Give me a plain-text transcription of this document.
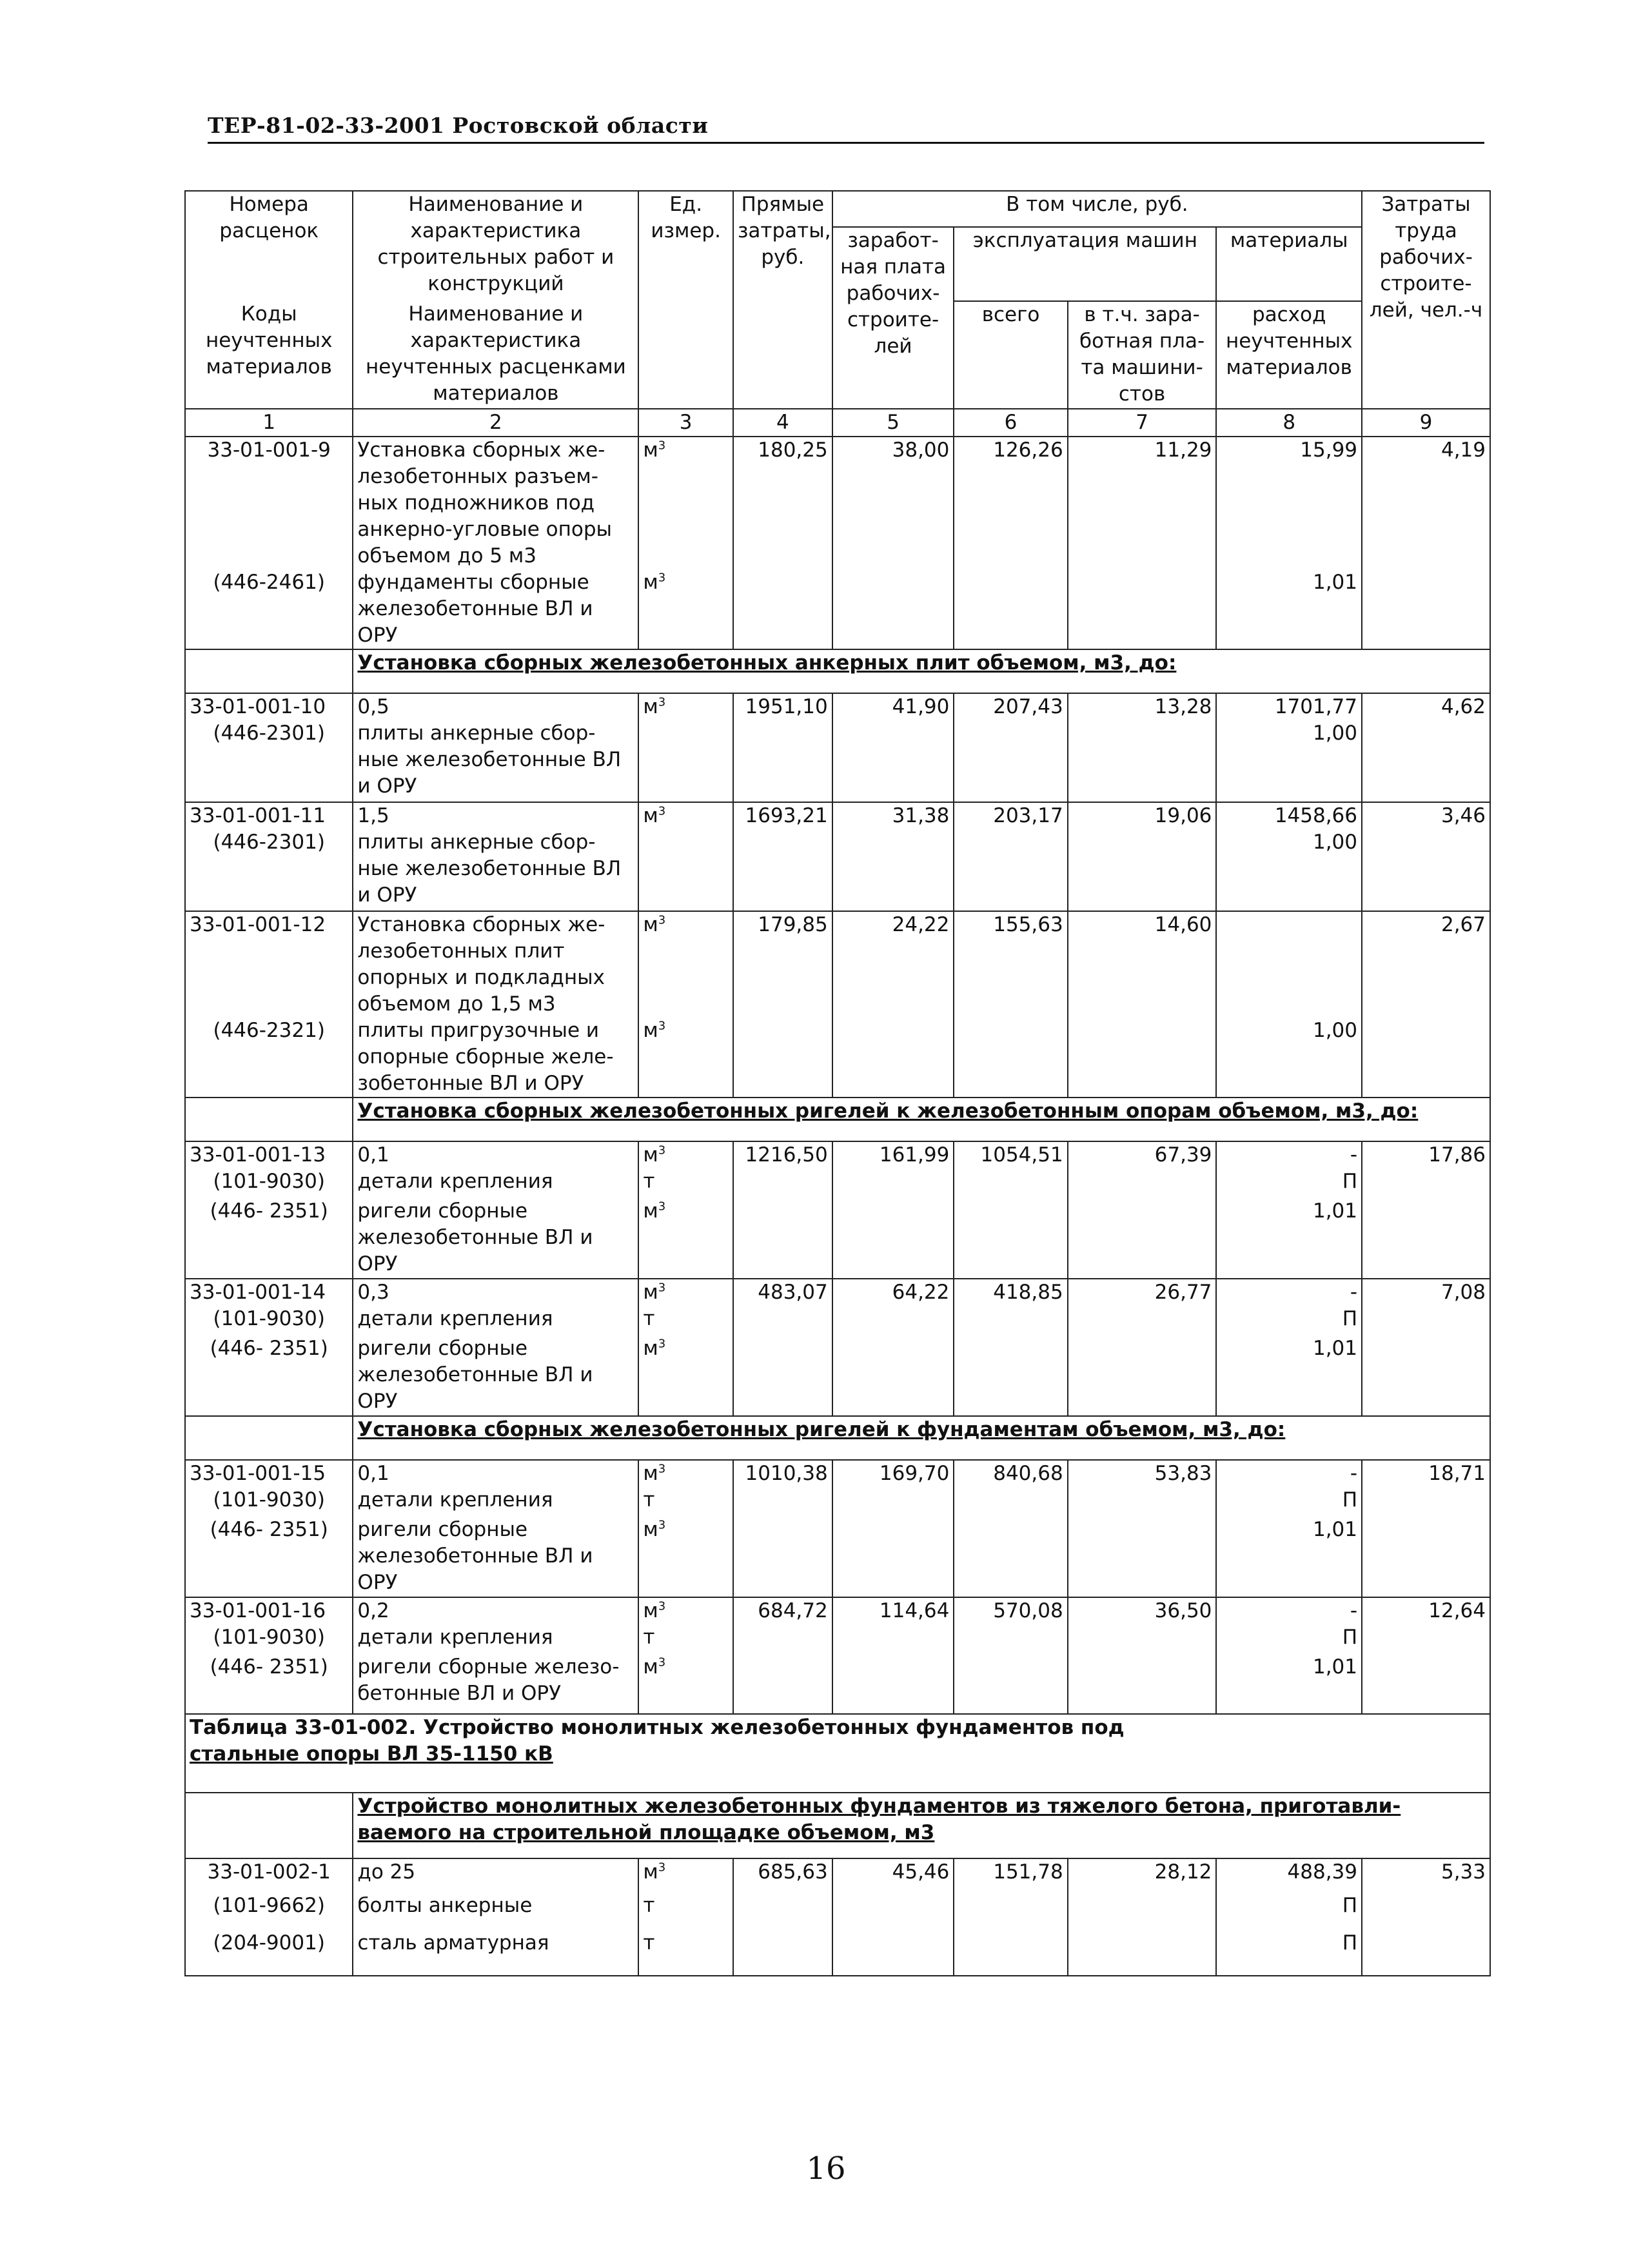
ТЕР-81-02-33-2001 Ростовской области
Номера расценок	Наименование и характеристика строительных работ и конструкций	Ед. измер.	Прямые затраты, руб.	В том числе, руб.				Затраты труда рабочих-строите-лей, чел.-ч
				заработ-ная плата рабочих-строите-лей	эксплуатация машин		материалы	
Коды неучтенных материалов	Наименование и характеристика неучтенных расценками материалов				всего	в т.ч. зара-ботная пла-та машини-стов	расход неучтенных материалов	

1	2	3	4	5	6	7	8	9
33-01-001-9	Установка сборных же-лезобетонных разъем-ных подножников под анкерно-угловые опоры объемом до 5 м3	$м^3$	180,25	38,00	126,26	11,29	15,99	4,19
(446-2461)	фундаменты сборные железобетонные ВЛ и ОРУ	$м^3$					1,01	
	Установка сборных железобетонных анкерных плит объемом, м3, до:							
33-01-001-10	0,5	$м^3$	1951,10	41,90	207,43	13,28	1701,77	4,62
(446-2301)	плиты анкерные сбор-ные железобетонные ВЛ и ОРУ						1,00	
33-01-001-11	1,5	$м^3$	1693,21	31,38	203,17	19,06	1458,66	3,46
(446-2301)	плиты анкерные сбор-ные железобетонные ВЛ и ОРУ						1,00	
33-01-001-12	Установка сборных же-лезобетонных плит опорных и подкладных объемом до 1,5 м3	$м^3$	179,85	24,22	155,63	14,60		2,67
(446-2321)	плиты пригрузочные и опорные сборные желе-зобетонные ВЛ и ОРУ	$м^3$					1,00	
	Установка сборных железобетонных ригелей к железобетонным опорам объемом, м3, до:							
33-01-001-13	0,1	$м^3$	1216,50	161,99	1054,51	67,39	-	17,86
(101-9030)	детали крепления	т					П	
(446- 2351)	ригели сборные железобетонные ВЛ и ОРУ	$м^3$					1,01	
33-01-001-14	0,3	$м^3$	483,07	64,22	418,85	26,77	-	7,08
(101-9030)	детали крепления	т					П	
(446- 2351)	ригели сборные железобетонные ВЛ и ОРУ	$м^3$					1,01	
	Установка сборных железобетонных ригелей к фундаментам объемом, м3, до:							
33-01-001-15	0,1	$м^3$	1010,38	169,70	840,68	53,83	-	18,71
(101-9030)	детали крепления	т					П	
(446- 2351)	ригели сборные железобетонные ВЛ и ОРУ	$м^3$					1,01	
33-01-001-16	0,2	$м^3$	684,72	114,64	570,08	36,50	-	12,64
(101-9030)	детали крепления	т					П	
(446- 2351)	ригели сборные железо-бетонные ВЛ и ОРУ	$м^3$					1,01	

Таблица 33-01-002. Устройство монолитных железобетонных фундаментов под
стальные опоры ВЛ 35-1150 кВ								

	Устройство монолитных железобетонных фундаментов из тяжелого бетона, приготавли-ваемого на строительной площадке объемом, м3							
33-01-002-1	до 25	$м^3$	685,63	45,46	151,78	28,12	488,39	5,33
(101-9662)	болты анкерные	т					П	
(204-9001)	сталь арматурная	т					П	
16
